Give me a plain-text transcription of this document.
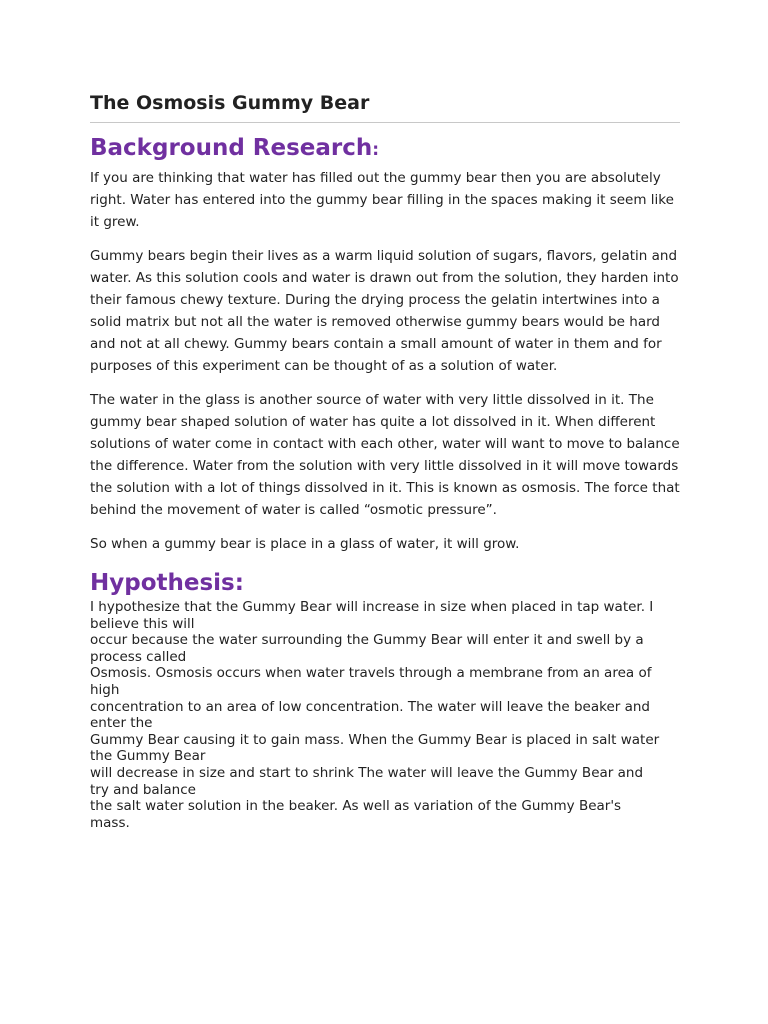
The Osmosis Gummy Bear
Background Research:

If you are thinking that water has filled out the gummy bear then you are absolutely right. Water has entered into the gummy bear filling in the spaces making it seem like it grew.

Gummy bears begin their lives as a warm liquid solution of sugars, flavors, gelatin and water. As this solution cools and water is drawn out from the solution, they harden into their famous chewy texture. During the drying process the gelatin intertwines into a solid matrix but not all the water is removed otherwise gummy bears would be hard and not at all chewy. Gummy bears contain a small amount of water in them and for purposes of this experiment can be thought of as a solution of water.

The water in the glass is another source of water with very little dissolved in it. The gummy bear shaped solution of water has quite a lot dissolved in it. When different solutions of water come in contact with each other, water will want to move to balance the difference. Water from the solution with very little dissolved in it will move towards the solution with a lot of things dissolved in it. This is known as osmosis. The force that behind the movement of water is called “osmotic pressure”.

So when a gummy bear is place in a glass of water, it will grow.

Hypothesis:
I hypothesize that the Gummy Bear will increase in size when placed in tap water. I
believe this will
occur because the water surrounding the Gummy Bear will enter it and swell by a
process called
Osmosis. Osmosis occurs when water travels through a membrane from an area of
high
concentration to an area of low concentration. The water will leave the beaker and
enter the
Gummy Bear causing it to gain mass. When the Gummy Bear is placed in salt water
the Gummy Bear
will decrease in size and start to shrink The water will leave the Gummy Bear and
try and balance
the salt water solution in the beaker. As well as variation of the Gummy Bear's
mass.
